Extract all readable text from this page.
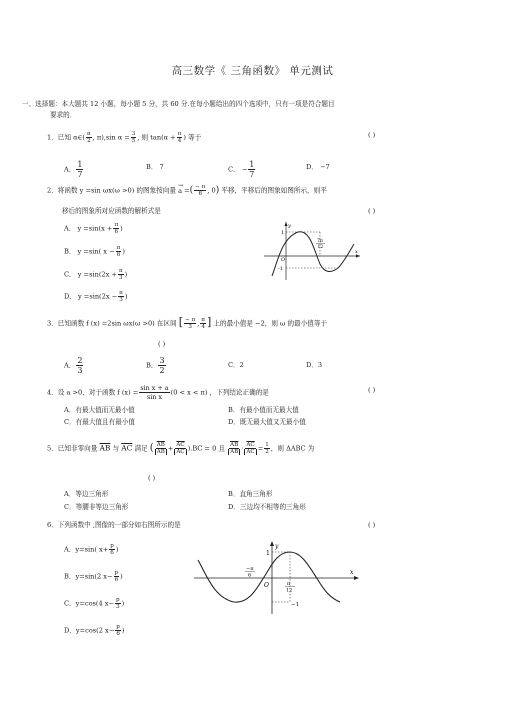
高三数学《 三角函数》 单元测试
一、选择题：本大题共 12 小题，每小题 5 分，共 60 分.在每小题给出的四个选项中，只有一项是符合题目
要求的．
1．已知 α∈( $\frac{\pi}{2}$ , π),sin $\alpha = \frac{3}{5}$ , 则 $\tan(\alpha + \frac{\pi}{4}$ ) 等于	( )
A． $\frac{1}{7}$	B． 7	C． − $\frac{1}{7}$	D． −7
2．将函数 y =sin ωx(ω >0) 的图象按向量
→
a =( $\frac{- \pi}{6}$ , 0) 平移，平移后的图象如图所示，则平
移后的图象所对应函数的解析式是	( )
A． $y =\sin(x + \frac{\pi}{6}$ )
B． y =sin( $x - \frac{\pi}{6}$ )
C． $y =\sin(2x + \frac{\pi}{3}$ )
D． $y =\sin(2x - \frac{\pi}{3}$ )
y
x
1
O
-1
7π
12
3．已知函数 f (x) =2sin ωx(ω >0) 在区间 [ $\frac{- \pi}{3}$ , $\frac{\pi}{4}$ ] 上的最小值是 −2，则 ω 的最小值等于
( )
A． $\frac{2}{3}$	B． $\frac{3}{2}$	C．2	D．3
4．设 a >0，对于函数 f $(x) = \frac{\text{sin x + a}}{\text{sin x}} (0 < x < \pi)$ ，下列结论正确的是	( )
A．有最大值而无最小值	B．有最小值而无最大值
C．有最大值且有最小值	D．既无最大值又无最小值
5．已知非零向量 $\overline{AB}$ 与 $\overline{AC}$ 满足 ( $\frac{\overline{AB}}{AB} + \frac{\overline{AC}}{AC} ).BC = 0$ 且 $\frac{\overline{AB}}{AB} \cdot \frac{\overline{AC}}{AC} = \frac{1}{2}$ ，则 ΔABC 为
( )
A．等边三角形	B．直角三角形
C．等腰非等边三角形	D．三边均不相等的三角形
6．下列函数中 ,图像的一部分如右图所示的是	( )
A．y=sin( $x+ \frac{p}{6}$ )
B．y=sin(2 $x- \frac{p}{6}$ )
C．y=cos(4 $x- \frac{p}{3}$ )
D．y=cos(2 $x- \frac{p}{6}$ )
y
x
1
O
−1
−π
6
π
12
